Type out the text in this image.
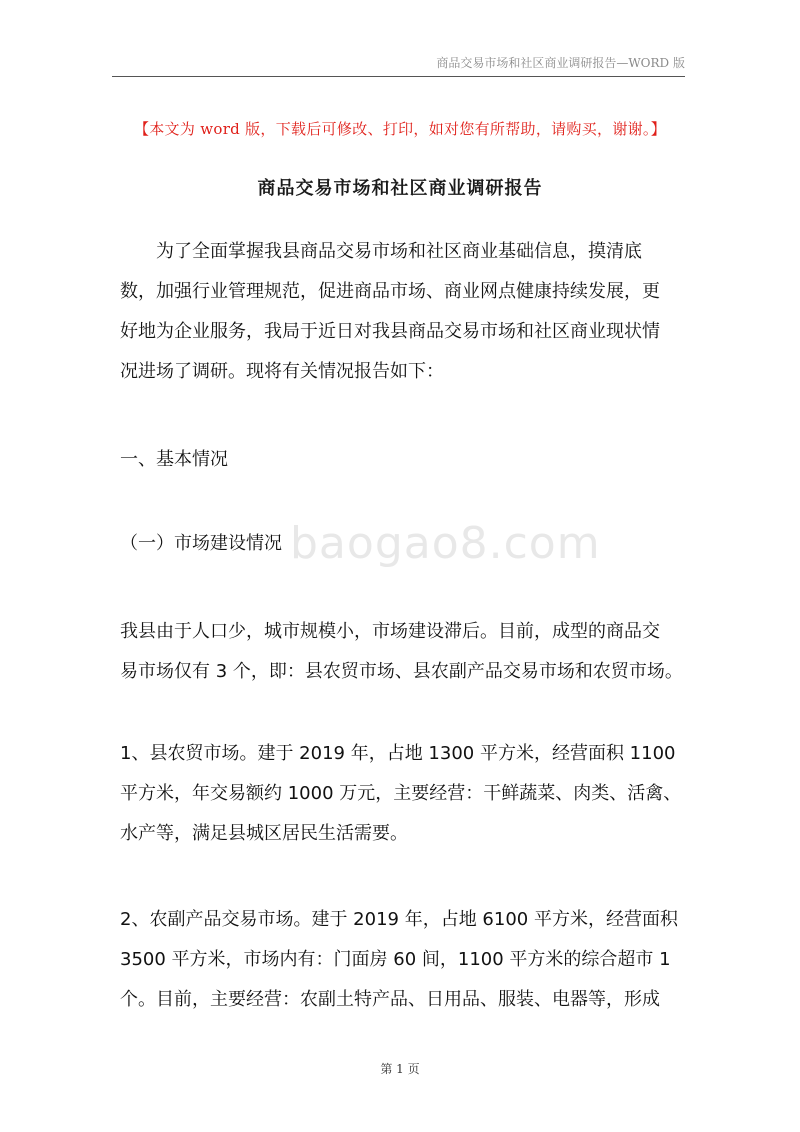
商品交易市场和社区商业调研报告—WORD 版
【本文为 word 版，下载后可修改、打印，如对您有所帮助，请购买，谢谢。】
商品交易市场和社区商业调研报告
为了全面掌握我县商品交易市场和社区商业基础信息，摸清底
数，加强行业管理规范，促进商品市场、商业网点健康持续发展，更
好地为企业服务，我局于近日对我县商品交易市场和社区商业现状情
况进场了调研。现将有关情况报告如下：
一、基本情况
baogao8.com
（一）市场建设情况
我县由于人口少，城市规模小，市场建设滞后。目前，成型的商品交
易市场仅有 3 个，即：县农贸市场、县农副产品交易市场和农贸市场。
1、县农贸市场。建于 2019 年，占地 1300 平方米，经营面积 1100
平方米，年交易额约 1000 万元，主要经营：干鲜蔬菜、肉类、活禽、
水产等，满足县城区居民生活需要。
2、农副产品交易市场。建于 2019 年，占地 6100 平方米，经营面积
3500 平方米，市场内有：门面房 60 间，1100 平方米的综合超市 1
个。目前，主要经营：农副土特产品、日用品、服装、电器等，形成
第 1 页
